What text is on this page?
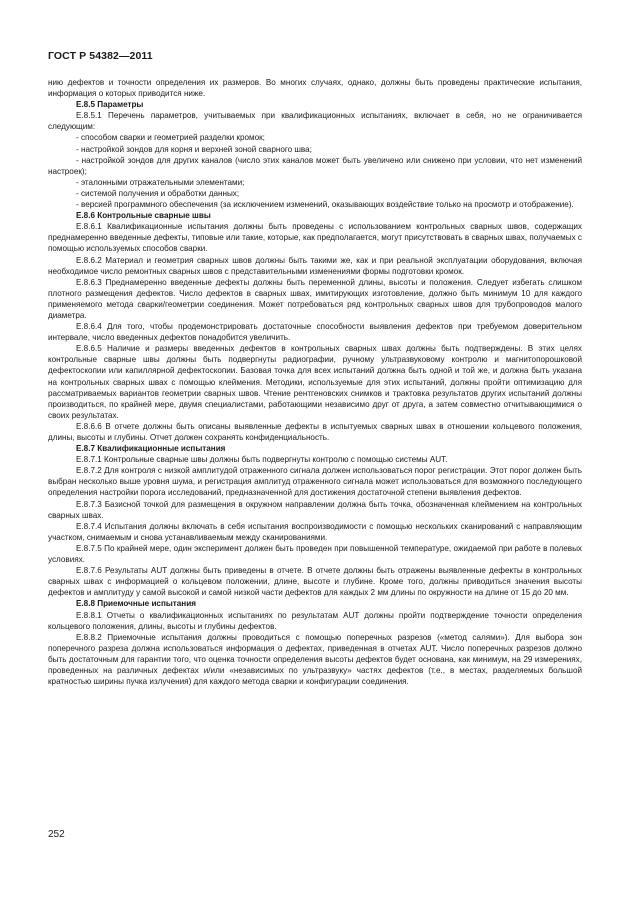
ГОСТ Р 54382—2011

нию дефектов и точности определения их размеров. Во многих случаях, однако, должны быть проведены практические испытания, информация о которых приводится ниже.

Е.8.5 Параметры

Е.8.5.1 Перечень параметров, учитываемых при квалификационных испытаниях, включает в себя, но не ограничивается следующим:

- способом сварки и геометрией разделки кромок;

- настройкой зондов для корня и верхней зоной сварного шва;

- настройкой зондов для других каналов (число этих каналов может быть увеличено или снижено при условии, что нет изменений настроек);

- эталонными отражательными элементами;

- системой получения и обработки данных;

- версией программного обеспечения (за исключением изменений, оказывающих воздействие только на просмотр и отображение).

Е.8.6 Контрольные сварные швы

Е.8.6.1 Квалификационные испытания должны быть проведены с использованием контрольных сварных швов, содержащих преднамеренно введенные дефекты, типовые или такие, которые, как предполагается, могут присутствовать в сварных швах, получаемых с помощью используемых способов сварки.

Е.8.6.2 Материал и геометрия сварных швов должны быть такими же, как и при реальной эксплуатации оборудования, включая необходимое число ремонтных сварных швов с представительными изменениями формы подготовки кромок.

Е.8.6.3 Преднамеренно введенные дефекты должны быть переменной длины, высоты и положения. Следует избегать слишком плотного размещения дефектов. Число дефектов в сварных швах, имитирующих изготовление, должно быть минимум 10 для каждого применяемого метода сварки/геометрии соединения. Может потребоваться ряд контрольных сварных швов для трубопроводов малого диаметра.

Е.8.6.4 Для того, чтобы продемонстрировать достаточные способности выявления дефектов при требуемом доверительном интервале, число введенных дефектов понадобится увеличить.

Е.8.6.5 Наличие и размеры введенных дефектов в контрольных сварных швах должны быть подтверждены. В этих целях контрольные сварные швы должны быть подвергнуты радиографии, ручному ультразвуковому контролю и магнитопорошковой дефектоскопии или капиллярной дефектоскопии. Базовая точка для всех испытаний должна быть одной и той же, и должна быть указана на контрольных сварных швах с помощью клеймения. Методики, используемые для этих испытаний, должны пройти оптимизацию для рассматриваемых вариантов геометрии сварных швов. Чтение рентгеновских снимков и трактовка результатов других испытаний должны производиться, по крайней мере, двумя специалистами, работающими независимо друг от друга, а затем совместно отчитывающимися о своих результатах.

Е.8.6.6 В отчете должны быть описаны выявленные дефекты в испытуемых сварных швах в отношении кольцевого положения, длины, высоты и глубины. Отчет должен сохранять конфиденциальность.

Е.8.7 Квалификационные испытания

Е.8.7.1 Контрольные сварные швы должны быть подвергнуты контролю с помощью системы AUT.

Е.8.7.2 Для контроля с низкой амплитудой отраженного сигнала должен использоваться порог регистрации. Этот порог должен быть выбран несколько выше уровня шума, и регистрация амплитуд отраженного сигнала может использоваться для возможного последующего определения настройки порога исследований, предназначенной для достижения достаточной степени выявления дефектов.

Е.8.7.3 Базисной точкой для размещения в окружном направлении должна быть точка, обозначенная клеймением на контрольных сварных швах.

Е.8.7.4 Испытания должны включать в себя испытания воспроизводимости с помощью нескольких сканирований с направляющим участком, снимаемым и снова устанавливаемым между сканированиями.

Е.8.7.5 По крайней мере, один эксперимент должен быть проведен при повышенной температуре, ожидаемой при работе в полевых условиях.

Е.8.7.6 Результаты AUT должны быть приведены в отчете. В отчете должны быть отражены выявленные дефекты в контрольных сварных швах с информацией о кольцевом положении, длине, высоте и глубине. Кроме того, должны приводиться значения высоты дефектов и амплитуду у самой высокой и самой низкой части дефектов для каждых 2 мм длины по окружности на длине от 15 до 20 мм.

Е.8.8 Приемочные испытания

Е.8.8.1 Отчеты о квалификационных испытаниях по результатам AUT должны пройти подтверждение точности определения кольцевого положения, длины, высоты и глубины дефектов.

Е.8.8.2 Приемочные испытания должны проводиться с помощью поперечных разрезов («метод салями»). Для выбора зон поперечного разреза должна использоваться информация о дефектах, приведенная в отчетах AUT. Число поперечных разрезов должно быть достаточным для гарантии того, что оценка точности определения высоты дефектов будет основана, как минимум, на 29 измерениях, проведенных на различных дефектах и/или «независимых по ультразвуку» частях дефектов (т.е., в местах, разделяемых большой кратностью ширины пучка излучения) для каждого метода сварки и конфигурации соединения.

252
